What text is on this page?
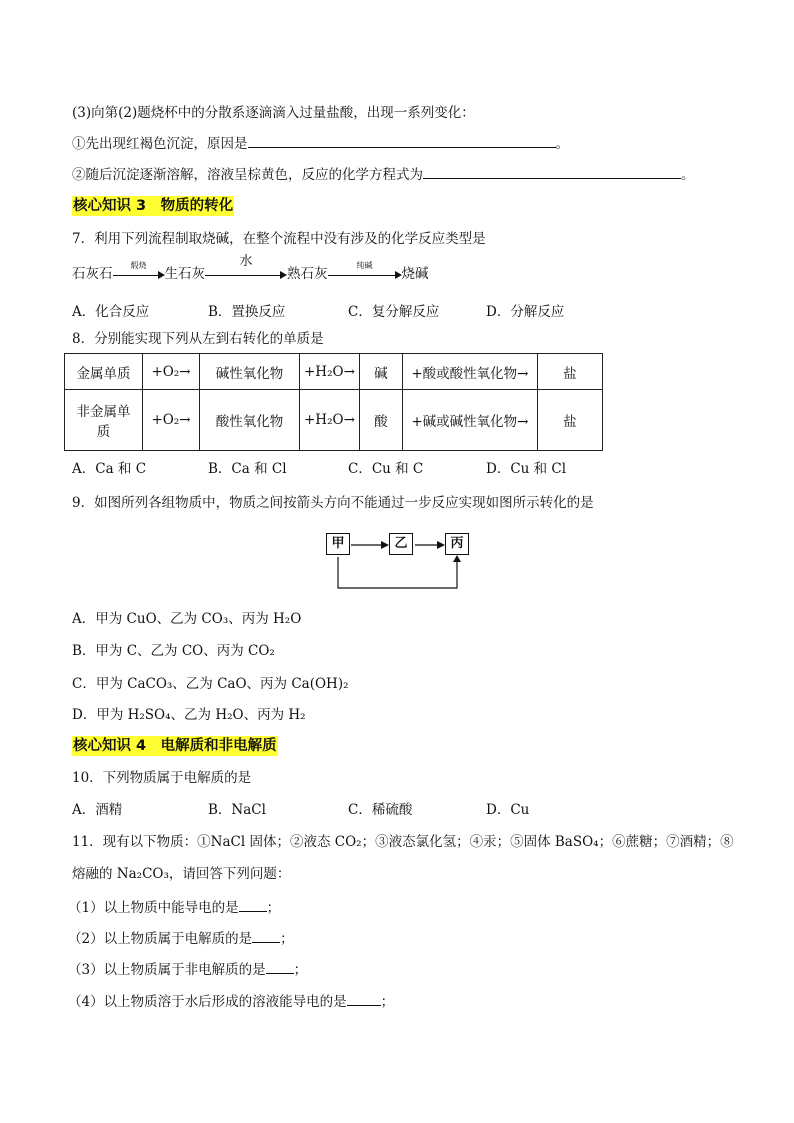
(3)向第(2)题烧杯中的分散系逐滴滴入过量盐酸，出现一系列变化：
①先出现红褐色沉淀，原因是	。
②随后沉淀逐渐溶解，溶液呈棕黄色，反应的化学方程式为	。
核心知识 3　物质的转化
7．利用下列流程制取烧碱，在整个流程中没有涉及的化学反应类型是
石灰石
煅烧
生石灰
水
熟石灰
纯碱
烧碱
A．化合反应	B．置换反应	C．复分解反应	D．分解反应
8．分别能实现下列从左到右转化的单质是
金属单质	+O₂→	碱性氧化物	+H₂O→	碱	+酸或酸性氧化物→	盐

非金属单
质	+O₂→	酸性氧化物	+H₂O→	酸	+碱或碱性氧化物→	盐
A．Ca 和 C	B．Ca 和 Cl	C．Cu 和 C	D．Cu 和 Cl
9．如图所列各组物质中，物质之间按箭头方向不能通过一步反应实现如图所示转化的是
甲	乙	丙
A．甲为 CuO、乙为 CO₃、丙为 H₂O
B．甲为 C、乙为 CO、丙为 CO₂
C．甲为 CaCO₃、乙为 CaO、丙为 Ca(OH)₂
D．甲为 H₂SO₄、乙为 H₂O、丙为 H₂
核心知识 4　电解质和非电解质
10．下列物质属于电解质的是
A．酒精	B．NaCl	C．稀硫酸	D．Cu
11．现有以下物质：①NaCl 固体；②液态 CO₂；③液态氯化氢；④汞；⑤固体 BaSO₄；⑥蔗糖；⑦酒精；⑧
熔融的 Na₂CO₃，请回答下列问题：
（1）以上物质中能导电的是 ；
（2）以上物质属于电解质的是 ；
（3）以上物质属于非电解质的是 ；
（4）以上物质溶于水后形成的溶液能导电的是	；
